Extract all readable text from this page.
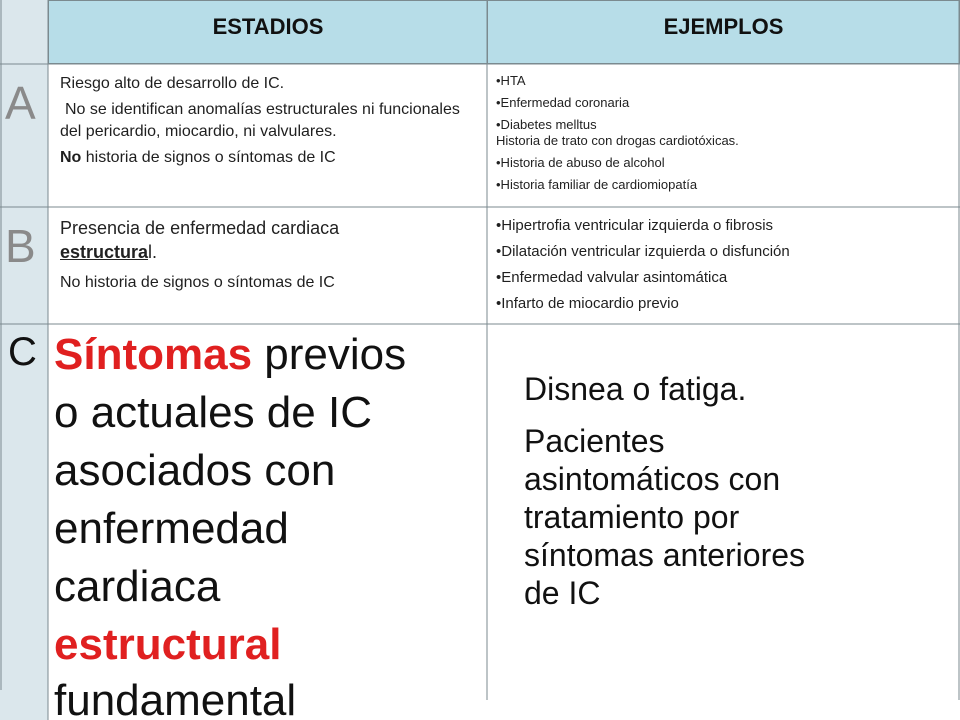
ESTADIOS	EJEMPLOS
A Riesgo alto de desarrollo de IC.

No se identifican anomalías estructurales ni funcionales del pericardio, miocardio, ni valvulares.

No historia de signos o síntomas de IC

•HTA

•Enfermedad coronaria

•Diabetes melltus

Historia de trato con drogas cardiotóxicas.

•Historia de abuso de alcohol

•Historia familiar de cardiomiopatía

B Presencia de enfermedad cardiaca

estructural.

No historia de signos o síntomas de IC

•Hipertrofia ventricular izquierda o fibrosis

•Dilatación ventricular izquierda o disfunción

•Enfermedad valvular asintomática

•Infarto de miocardio previo

C Síntomas previos

o actuales de IC

asociados con

enfermedad

cardiaca

estructural

fundamental

Disnea o fatiga.

Pacientes

asintomáticos con

tratamiento por

síntomas anteriores

de IC
